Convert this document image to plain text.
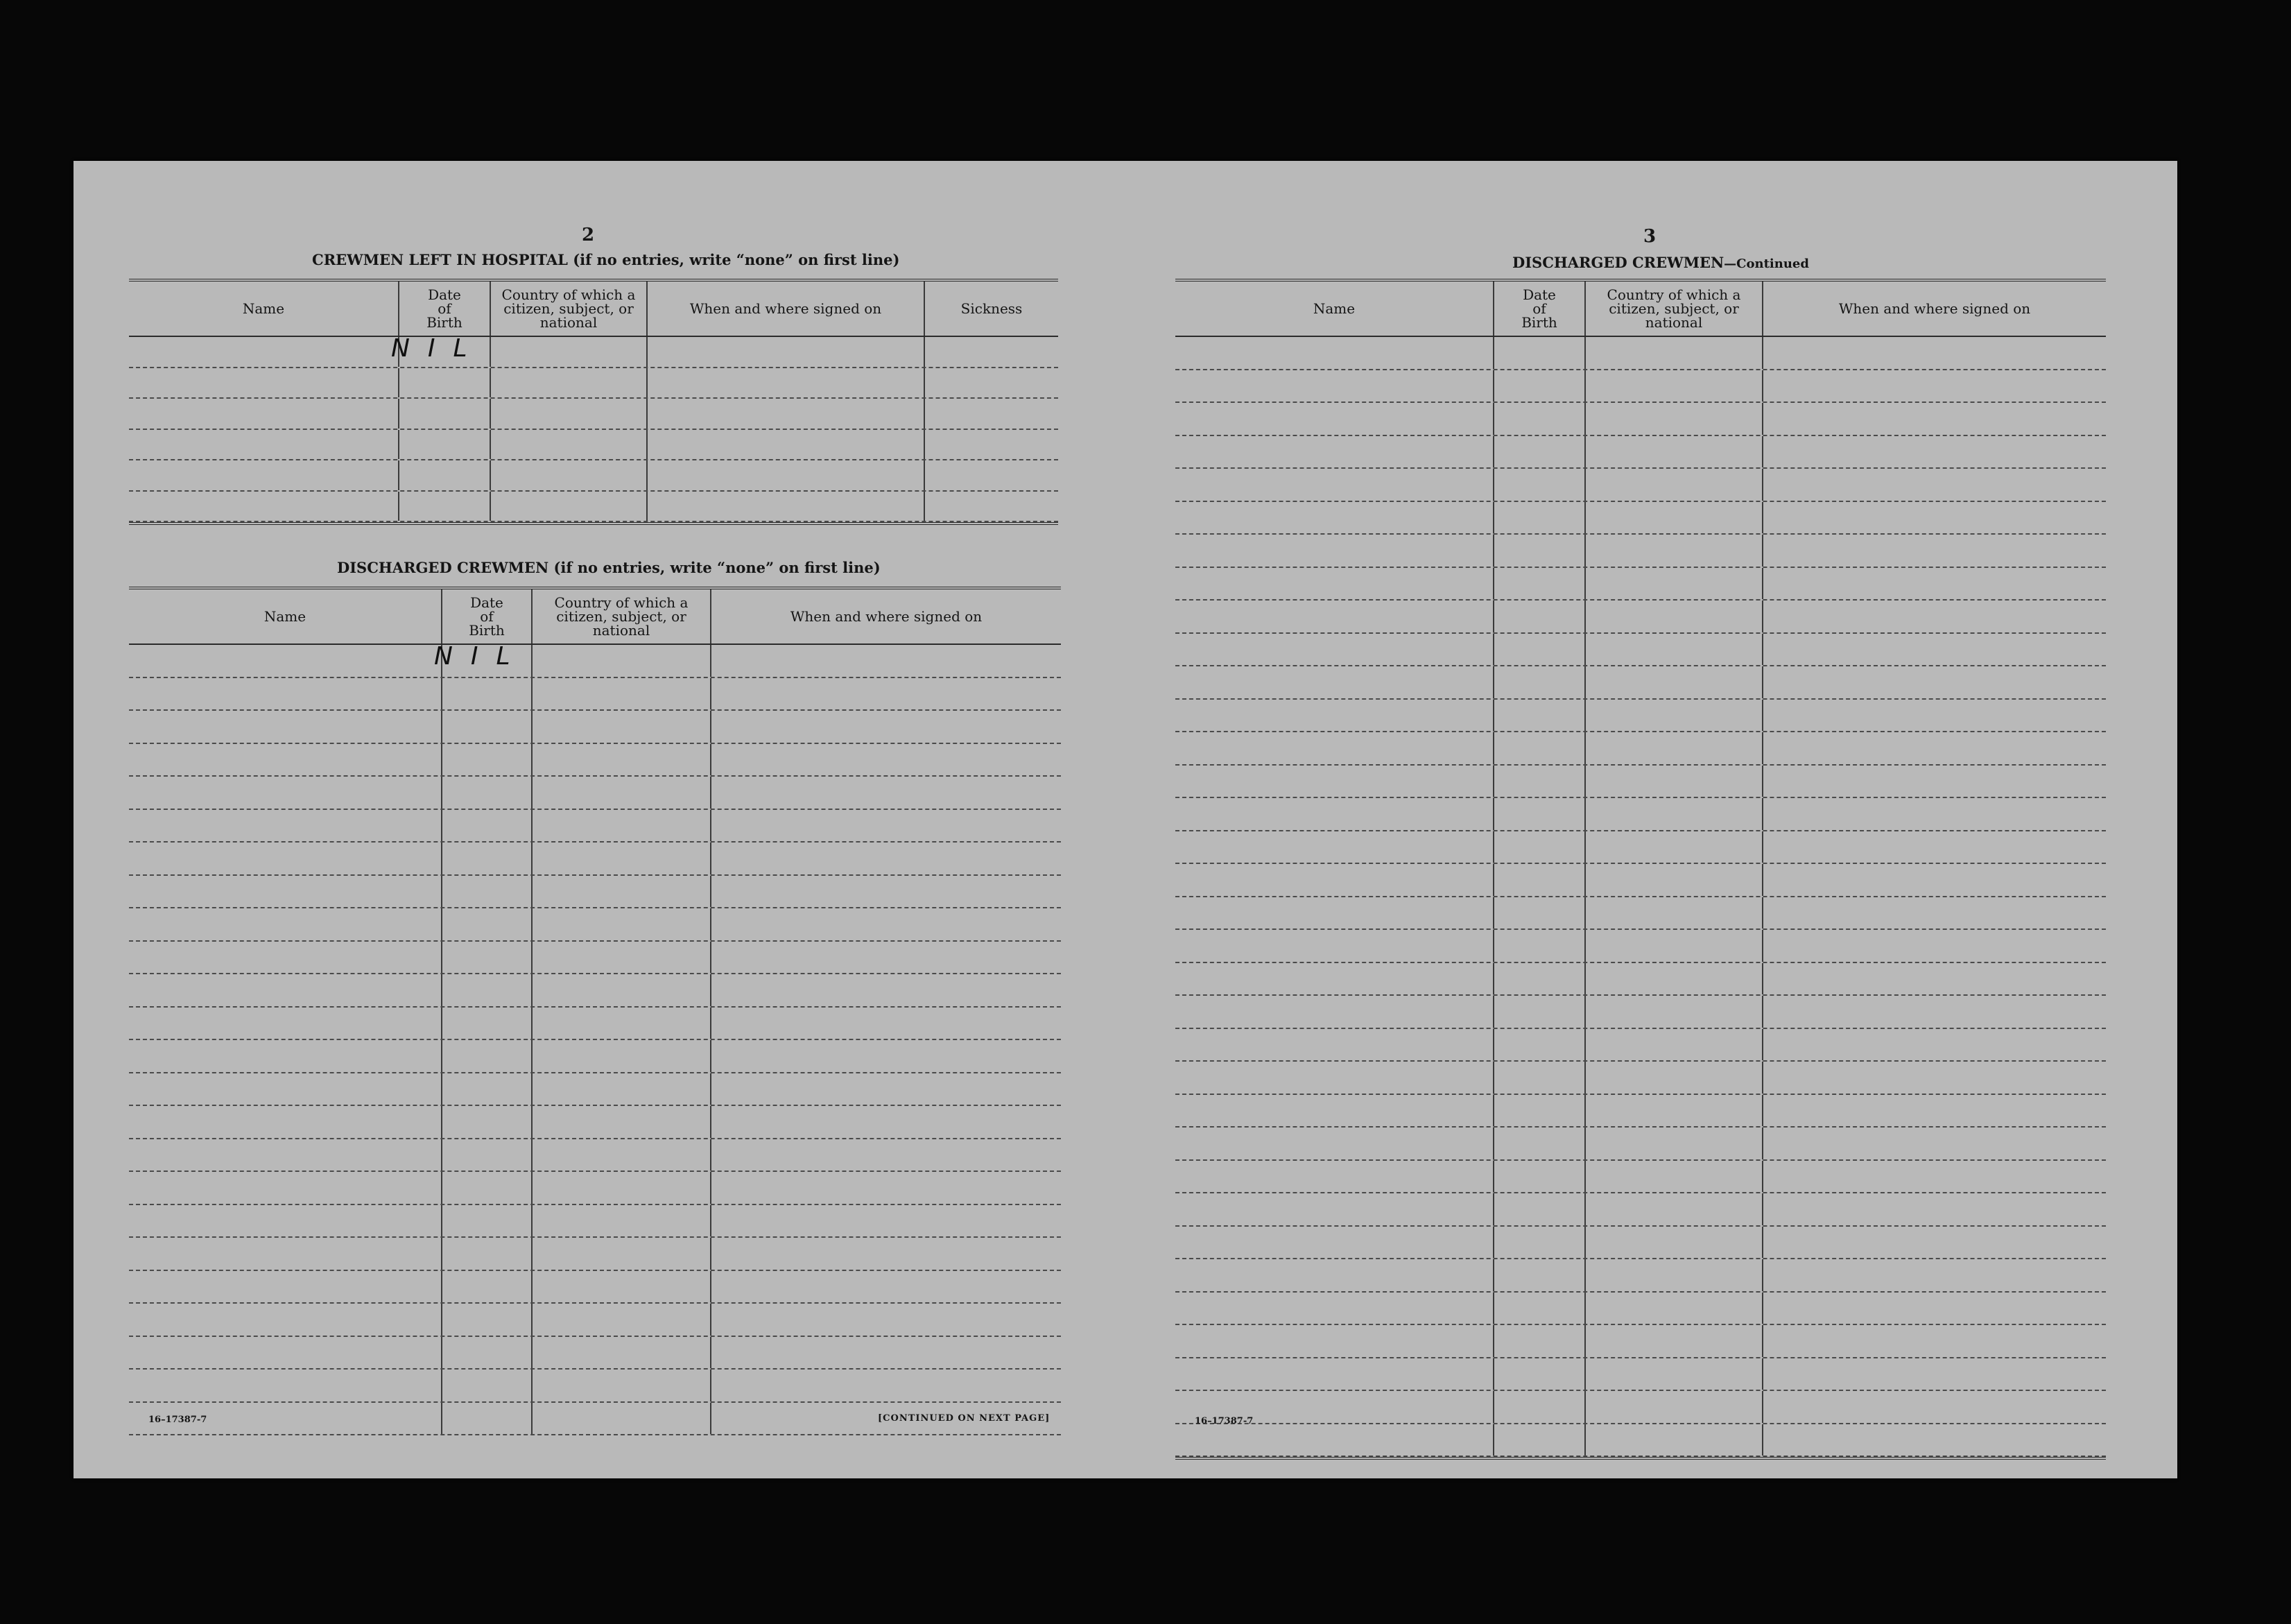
2
CREWMEN LEFT IN HOSPITAL (if no entries, write “none” on first line)
Name
Date
of
Birth
Country of which a citizen, subject, or national
When and where signed on	Sickness
NIL
DISCHARGED CREWMEN (if no entries, write “none” on first line)
Name
Date
of
Birth
Country of which a citizen, subject, or national
When and where signed on
NIL
16–17387-7	[CONTINUED ON NEXT PAGE]
3
DISCHARGED CREWMEN—Continued
Name
Date
of
Birth
Country of which a citizen, subject, or national
When and where signed on
16–17387-7
